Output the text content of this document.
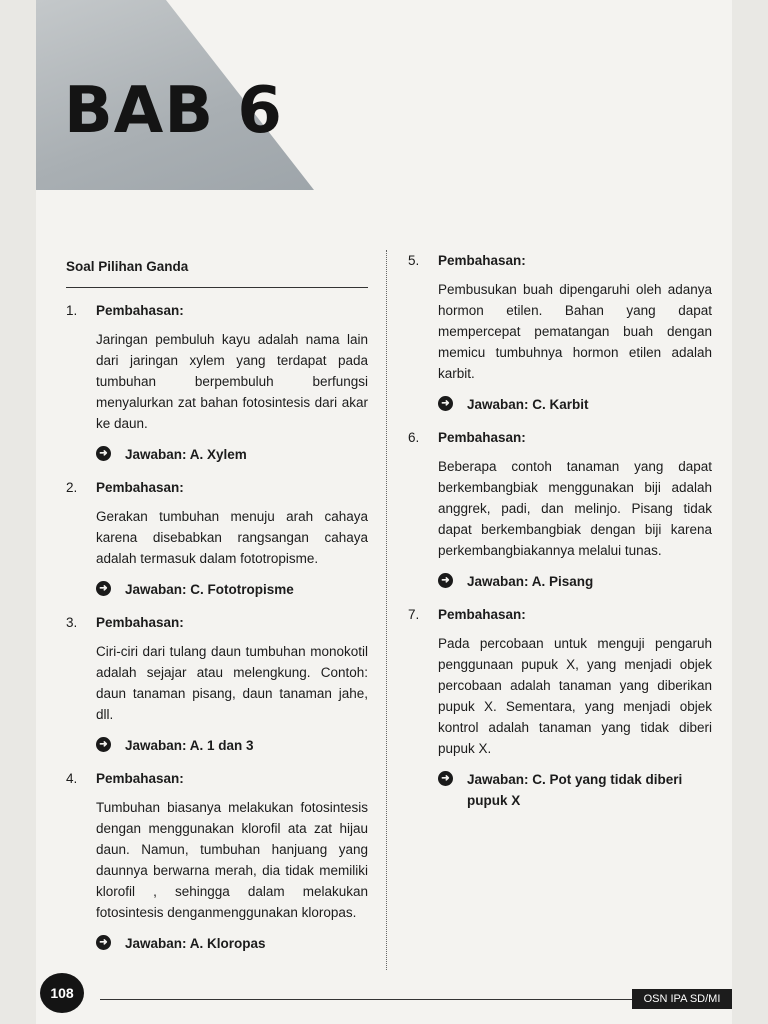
BAB 6
Soal Pilihan Ganda
1.	Pembahasan:

Jaringan pembuluh kayu adalah nama lain dari jaringan xylem yang terdapat pada tumbuhan berpembuluh berfungsi menyalurkan zat bahan fotosintesis dari akar ke daun.

➜ Jawaban: A. Xylem
2.	Pembahasan:

Gerakan tumbuhan menuju arah cahaya karena disebabkan rangsangan cahaya adalah termasuk dalam fototropisme.

➜ Jawaban: C. Fototropisme
3.	Pembahasan:

Ciri-ciri dari tulang daun tumbuhan monokotil adalah sejajar atau melengkung. Contoh: daun tanaman pisang, daun tanaman jahe, dll.

➜ Jawaban: A. 1 dan 3
4.	Pembahasan:

Tumbuhan biasanya melakukan fotosintesis dengan menggunakan klorofil ata zat hijau daun. Namun, tumbuhan hanjuang yang daunnya berwarna merah, dia tidak memiliki klorofil , sehingga dalam melakukan fotosintesis denganmenggunakan kloropas.

➜ Jawaban: A. Kloropas
5.	Pembahasan:

Pembusukan buah dipengaruhi oleh adanya hormon etilen. Bahan yang dapat mempercepat pematangan buah dengan memicu tumbuhnya hormon etilen adalah karbit.

➜ Jawaban: C. Karbit
6.	Pembahasan:

Beberapa contoh tanaman yang dapat berkembangbiak menggunakan biji adalah anggrek, padi, dan melinjo. Pisang tidak dapat berkembangbiak dengan biji karena perkembangbiakannya melalui tunas.

➜ Jawaban: A. Pisang
7.	Pembahasan:

Pada percobaan untuk menguji pengaruh penggunaan pupuk X, yang menjadi objek percobaan adalah tanaman yang diberikan pupuk X. Sementara, yang menjadi objek kontrol adalah tanaman yang tidak diberi pupuk X.

➜ Jawaban: C. Pot yang tidak diberi pupuk X
108	OSN IPA SD/MI
